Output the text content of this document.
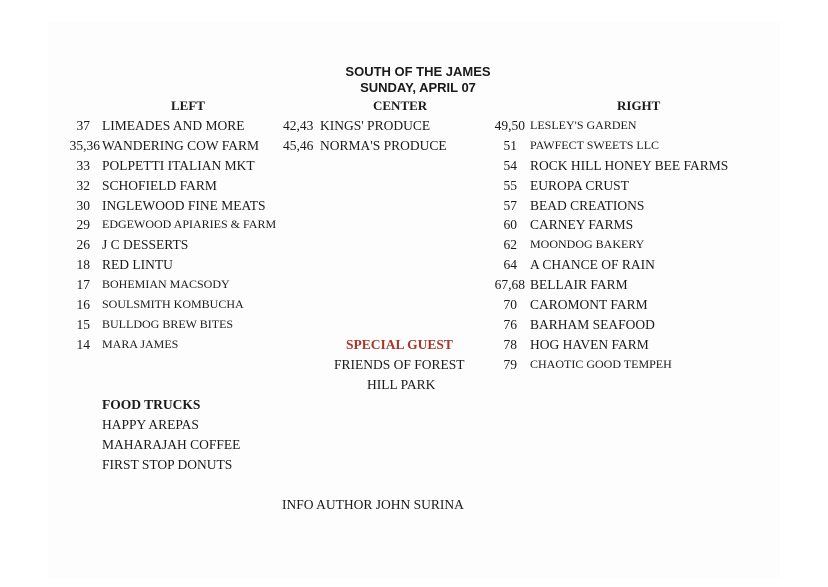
SOUTH OF THE JAMES
SUNDAY, APRIL 07
LEFT	CENTER	RIGHT
37 LIMEADES AND MORE
35,36 WANDERING COW FARM
33 POLPETTI ITALIAN MKT
32 SCHOFIELD FARM
30 INGLEWOOD FINE MEATS
29 EDGEWOOD APIARIES & FARM
26 J C DESSERTS
18 RED LINTU
17 BOHEMIAN MACSODY
16 SOULSMITH KOMBUCHA
15 BULLDOG BREW BITES
14 MARA JAMES
42,43 KINGS' PRODUCE
45,46 NORMA'S PRODUCE
SPECIAL GUEST
FRIENDS OF FOREST
HILL PARK
49,50 LESLEY'S GARDEN
51 PAWFECT SWEETS LLC
54 ROCK HILL HONEY BEE FARMS
55 EUROPA CRUST
57 BEAD CREATIONS
60 CARNEY FARMS
62 MOONDOG BAKERY
64 A CHANCE OF RAIN
67,68 BELLAIR FARM
70 CAROMONT FARM
76 BARHAM SEAFOOD
78 HOG HAVEN FARM
79 CHAOTIC GOOD TEMPEH
FOOD TRUCKS
HAPPY AREPAS
MAHARAJAH COFFEE
FIRST STOP DONUTS
INFO AUTHOR JOHN SURINA
